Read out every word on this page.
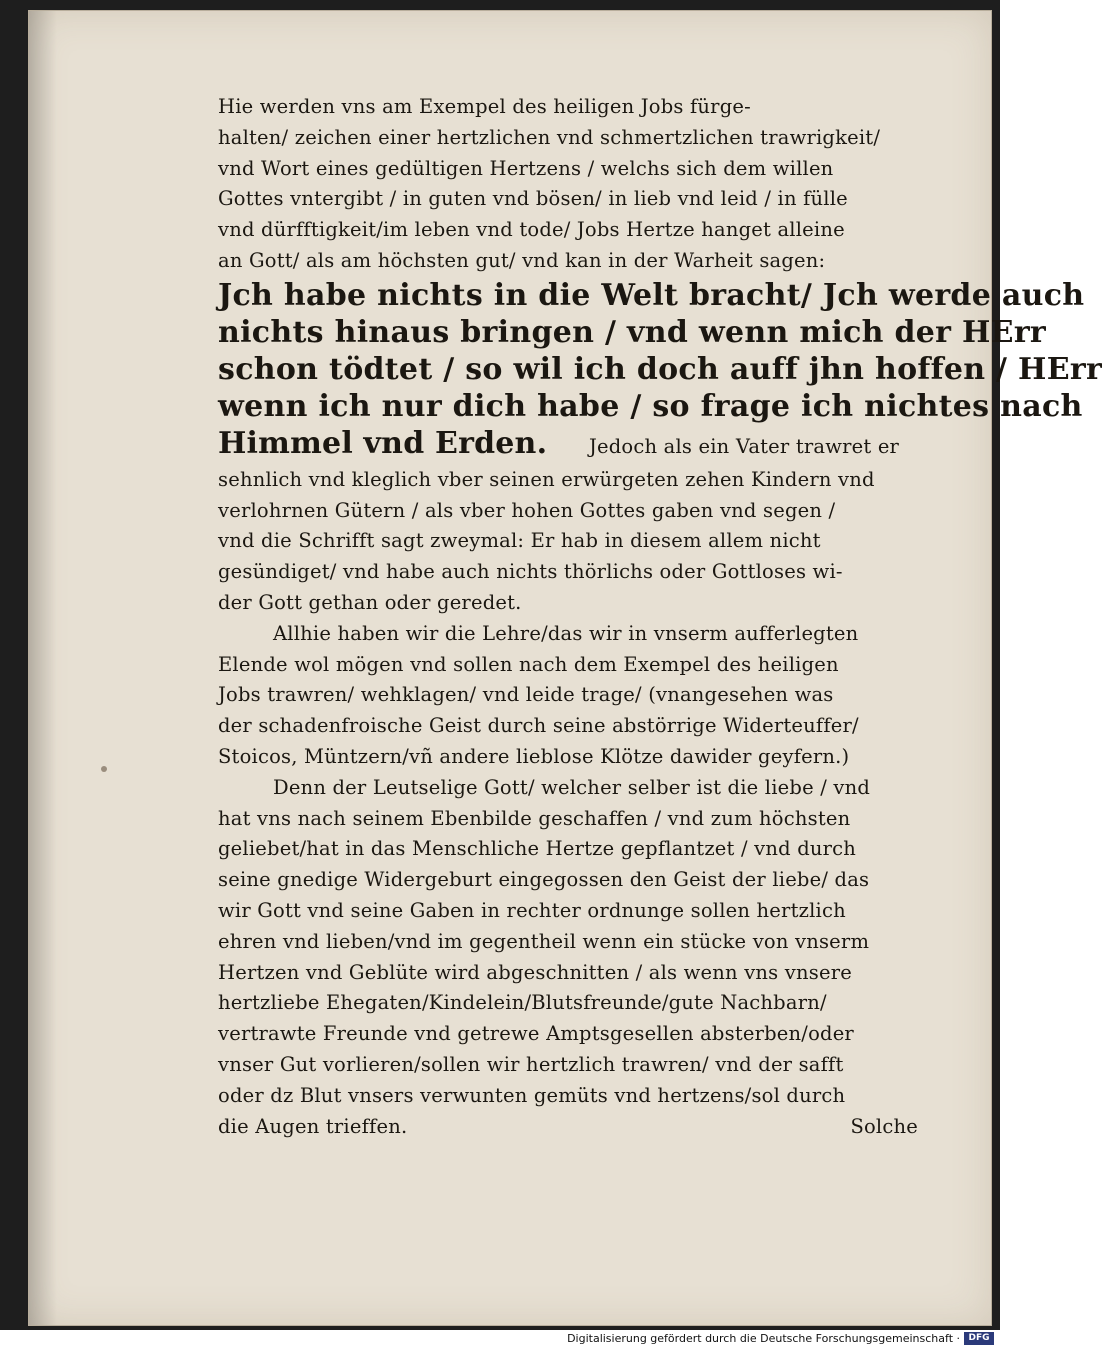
Hie werden vns am Exempel des heiligen Jobs fürge-
halten/ zeichen einer hertzlichen vnd schmertzlichen trawrigkeit/
vnd Wort eines gedültigen Hertzens / welchs sich dem willen
Gottes vntergibt / in guten vnd bösen/ in lieb vnd leid / in fülle
vnd dürfftigkeit/im leben vnd tode/ Jobs Hertze hanget alleine
an Gott/ als am höchsten gut/ vnd kan in der Warheit sagen:
Jch habe nichts in die Welt bracht/ Jch werde auch
nichts hinaus bringen / vnd wenn mich der HErr
schon tödtet / so wil ich doch auff jhn hoffen / HErr
wenn ich nur dich habe / so frage ich nichtes nach
Himmel vnd Erden. Jedoch als ein Vater trawret er
sehnlich vnd kleglich vber seinen erwürgeten zehen Kindern vnd
verlohrnen Gütern / als vber hohen Gottes gaben vnd segen /
vnd die Schrifft sagt zweymal: Er hab in diesem allem nicht
gesündiget/ vnd habe auch nichts thörlichs oder Gottloses wi-
der Gott gethan oder geredet.
Allhie haben wir die Lehre/das wir in vnserm aufferlegten
Elende wol mögen vnd sollen nach dem Exempel des heiligen
Jobs trawren/ wehklagen/ vnd leide trage/ (vnangesehen was
der schadenfroische Geist durch seine abstörrige Widerteuffer/
Stoicos, Müntzern/vñ andere lieblose Klötze dawider geyfern.)
Denn der Leutselige Gott/ welcher selber ist die liebe / vnd
hat vns nach seinem Ebenbilde geschaffen / vnd zum höchsten
geliebet/hat in das Menschliche Hertze gepflantzet / vnd durch
seine gnedige Widergeburt eingegossen den Geist der liebe/ das
wir Gott vnd seine Gaben in rechter ordnunge sollen hertzlich
ehren vnd lieben/vnd im gegentheil wenn ein stücke von vnserm
Hertzen vnd Geblüte wird abgeschnitten / als wenn vns vnsere
hertzliebe Ehegaten/Kindelein/Blutsfreunde/gute Nachbarn/
vertrawte Freunde vnd getrewe Amptsgesellen absterben/oder
vnser Gut vorlieren/sollen wir hertzlich trawren/ vnd der safft
oder dz Blut vnsers verwunten gemüts vnd hertzens/sol durch
die Augen trieffen.	Solche
Digitalisierung gefördert durch die Deutsche Forschungsgemeinschaft · DFG
